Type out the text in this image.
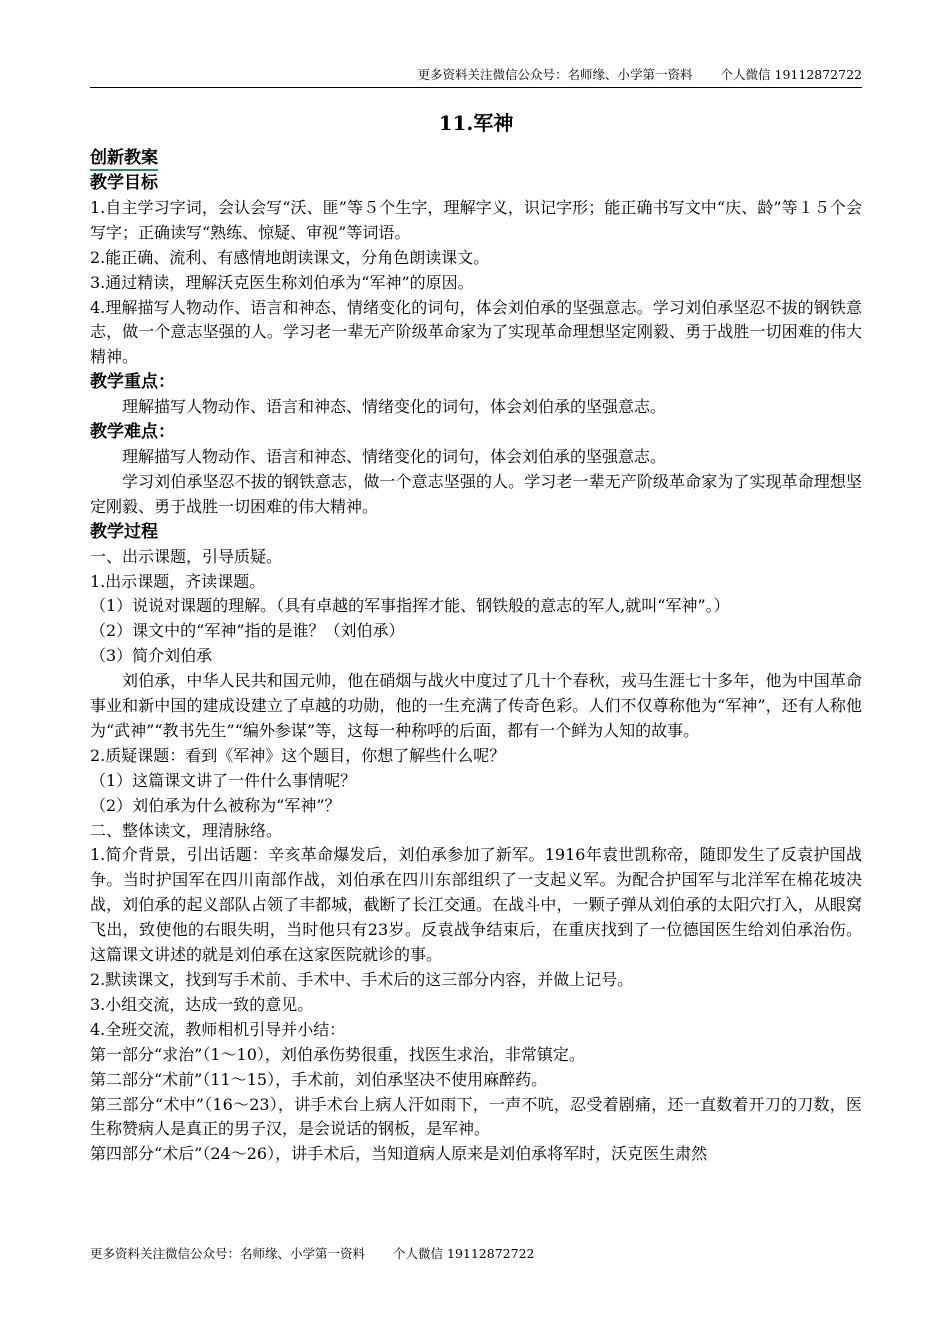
更多资料关注微信公众号：名师缘、小学第一资料 个人微信 19112872722

11.军神

创新教案

教学目标

1.自主学习字词，会认会写“沃、匪”等５个生字，理解字义，识记字形；能正确书写文中“庆、龄”等１５个会写字；正确读写“熟练、惊疑、审视”等词语。

2.能正确、流利、有感情地朗读课文，分角色朗读课文。

3.通过精读，理解沃克医生称刘伯承为“军神”的原因。

4.理解描写人物动作、语言和神态、情绪变化的词句，体会刘伯承的坚强意志。学习刘伯承坚忍不拔的钢铁意志，做一个意志坚强的人。学习老一辈无产阶级革命家为了实现革命理想坚定刚毅、勇于战胜一切困难的伟大精神。

教学重点：

理解描写人物动作、语言和神态、情绪变化的词句，体会刘伯承的坚强意志。

教学难点：

理解描写人物动作、语言和神态、情绪变化的词句，体会刘伯承的坚强意志。

学习刘伯承坚忍不拔的钢铁意志，做一个意志坚强的人。学习老一辈无产阶级革命家为了实现革命理想坚定刚毅、勇于战胜一切困难的伟大精神。

教学过程

一、出示课题，引导质疑。

1.出示课题，齐读课题。

（1）说说对课题的理解。（具有卓越的军事指挥才能、钢铁般的意志的军人,就叫“军神”。）

（2）课文中的“军神”指的是谁？（刘伯承）

（3）简介刘伯承

刘伯承，中华人民共和国元帅，他在硝烟与战火中度过了几十个春秋，戎马生涯七十多年，他为中国革命事业和新中国的建成设建立了卓越的功勋，他的一生充满了传奇色彩。人们不仅尊称他为“军神”，还有人称他为“武神”“教书先生”“编外参谋”等，这每一种称呼的后面，都有一个鲜为人知的故事。

2.质疑课题：看到《军神》这个题目，你想了解些什么呢？

（1）这篇课文讲了一件什么事情呢？

（2）刘伯承为什么被称为“军神”？

二、整体读文，理清脉络。

1.简介背景，引出话题：辛亥革命爆发后，刘伯承参加了新军。1916年袁世凯称帝，随即发生了反袁护国战争。当时护国军在四川南部作战，刘伯承在四川东部组织了一支起义军。为配合护国军与北洋军在棉花坡决战，刘伯承的起义部队占领了丰都城，截断了长江交通。在战斗中，一颗子弹从刘伯承的太阳穴打入，从眼窝飞出，致使他的右眼失明，当时他只有23岁。反袁战争结束后，在重庆找到了一位德国医生给刘伯承治伤。这篇课文讲述的就是刘伯承在这家医院就诊的事。

2.默读课文，找到写手术前、手术中、手术后的这三部分内容，并做上记号。

3.小组交流，达成一致的意见。

4.全班交流，教师相机引导并小结：

第一部分“求治”（1～10），刘伯承伤势很重，找医生求治，非常镇定。

第二部分“术前”（11～15），手术前，刘伯承坚决不使用麻醉药。

第三部分“术中”（16～23），讲手术台上病人汗如雨下，一声不吭，忍受着剧痛，还一直数着开刀的刀数，医生称赞病人是真正的男子汉，是会说话的钢板，是军神。

第四部分“术后”（24～26），讲手术后，当知道病人原来是刘伯承将军时，沃克医生肃然

更多资料关注微信公众号：名师缘、小学第一资料 个人微信 19112872722
